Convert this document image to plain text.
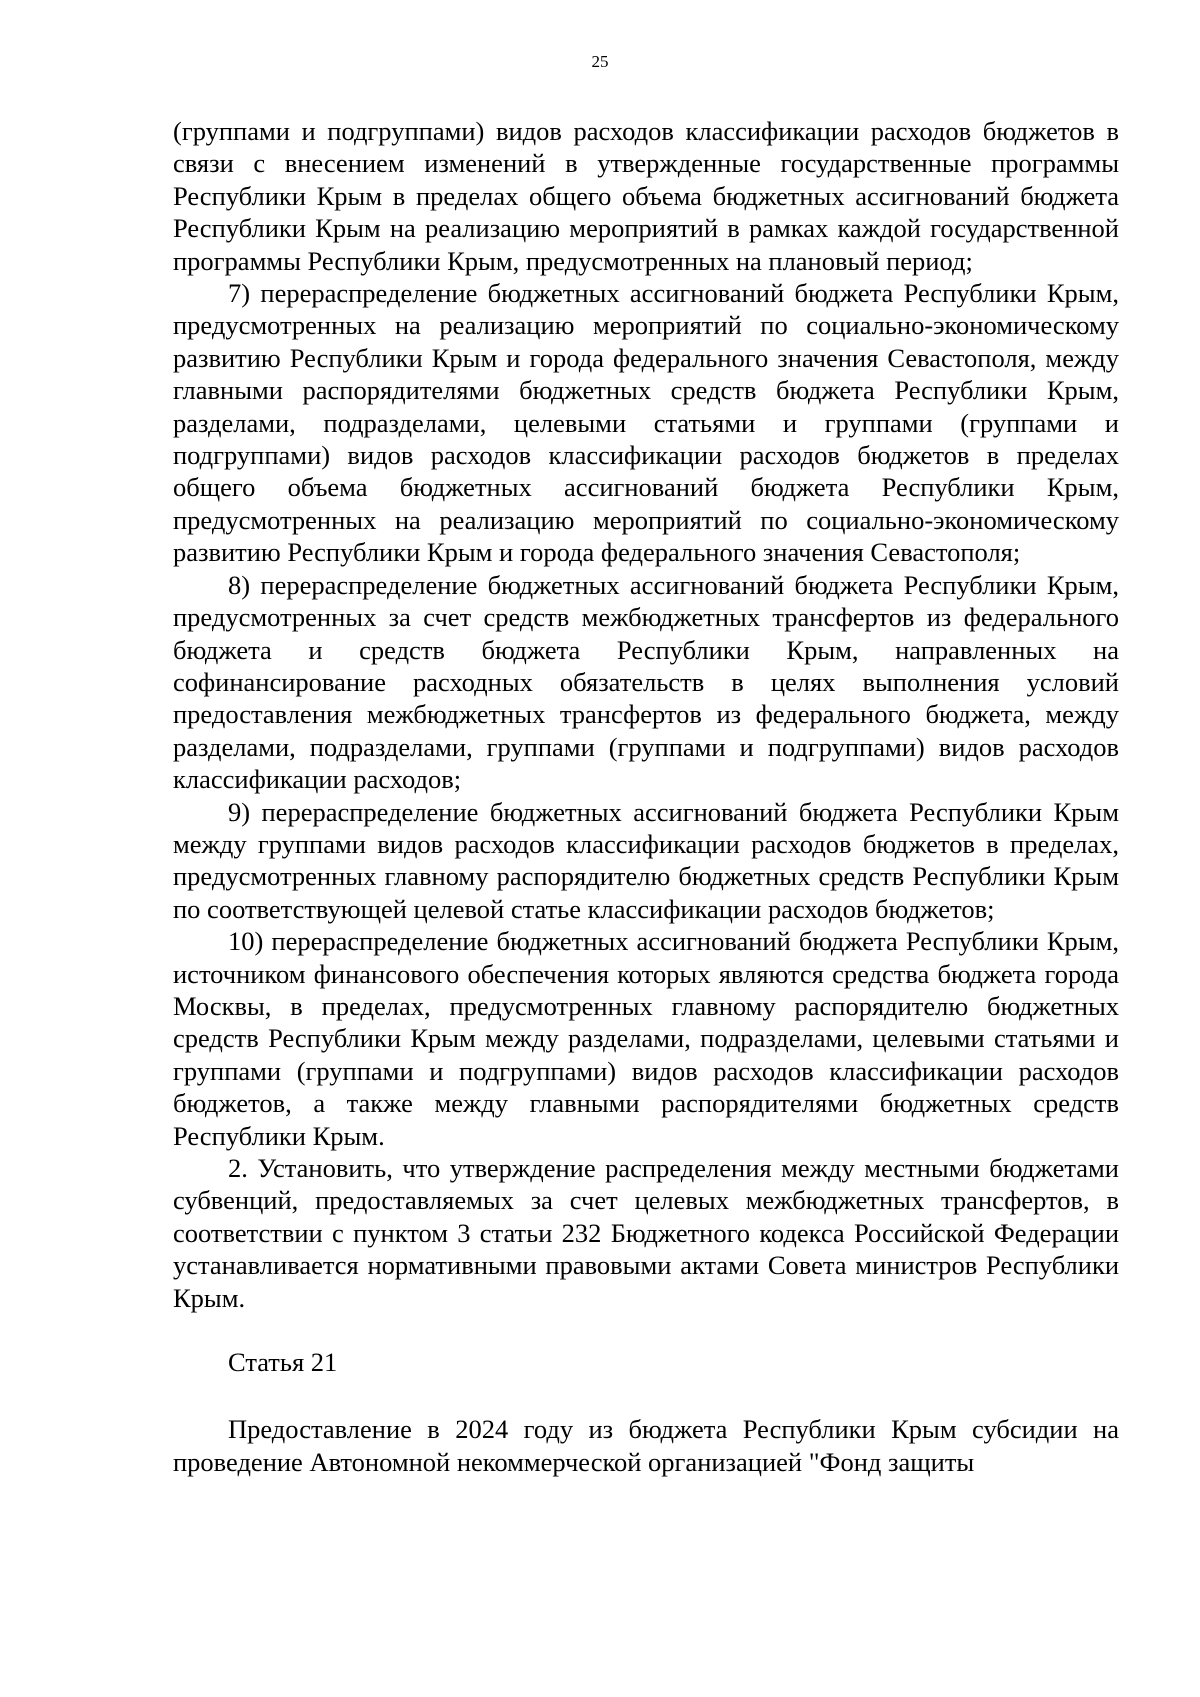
25

(группами и подгруппами) видов расходов классификации расходов бюджетов в связи с внесением изменений в утвержденные государственные программы Республики Крым в пределах общего объема бюджетных ассигнований бюджета Республики Крым на реализацию мероприятий в рамках каждой государственной программы Республики Крым, предусмотренных на плановый период;

7) перераспределение бюджетных ассигнований бюджета Республики Крым, предусмотренных на реализацию мероприятий по социально-экономическому развитию Республики Крым и города федерального значения Севастополя, между главными распорядителями бюджетных средств бюджета Республики Крым, разделами, подразделами, целевыми статьями и группами (группами и подгруппами) видов расходов классификации расходов бюджетов в пределах общего объема бюджетных ассигнований бюджета Республики Крым, предусмотренных на реализацию мероприятий по социально-экономическому развитию Республики Крым и города федерального значения Севастополя;

8) перераспределение бюджетных ассигнований бюджета Республики Крым, предусмотренных за счет средств межбюджетных трансфертов из федерального бюджета и средств бюджета Республики Крым, направленных на софинансирование расходных обязательств в целях выполнения условий предоставления межбюджетных трансфертов из федерального бюджета, между разделами, подразделами, группами (группами и подгруппами) видов расходов классификации расходов;

9) перераспределение бюджетных ассигнований бюджета Республики Крым между группами видов расходов классификации расходов бюджетов в пределах, предусмотренных главному распорядителю бюджетных средств Республики Крым по соответствующей целевой статье классификации расходов бюджетов;

10) перераспределение бюджетных ассигнований бюджета Республики Крым, источником финансового обеспечения которых являются средства бюджета города Москвы, в пределах, предусмотренных главному распорядителю бюджетных средств Республики Крым между разделами, подразделами, целевыми статьями и группами (группами и подгруппами) видов расходов классификации расходов бюджетов, а также между главными распорядителями бюджетных средств Республики Крым.

2. Установить, что утверждение распределения между местными бюджетами субвенций, предоставляемых за счет целевых межбюджетных трансфертов, в соответствии с пунктом 3 статьи 232 Бюджетного кодекса Российской Федерации устанавливается нормативными правовыми актами Совета министров Республики Крым.

Статья 21

Предоставление в 2024 году из бюджета Республики Крым субсидии на проведение Автономной некоммерческой организацией "Фонд защиты
